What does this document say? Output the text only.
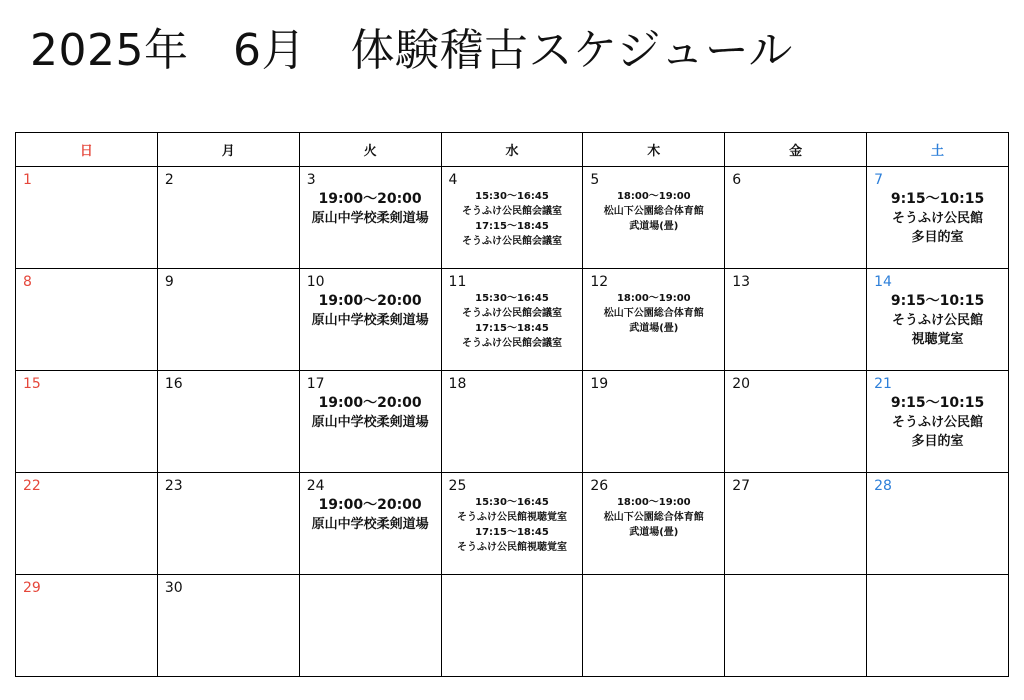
2025年　6月　体験稽古スケジュール
日	月	火	水	木	金	土

1	2	3
19:00〜20:00
原山中学校柔剣道場	4
15:30〜16:45
そうふけ公民館会議室
17:15〜18:45
そうふけ公民館会議室	5
18:00〜19:00
松山下公園総合体育館
武道場(畳)	6	7
9:15〜10:15
そうふけ公民館
多目的室

8	9	10
19:00〜20:00
原山中学校柔剣道場	11
15:30〜16:45
そうふけ公民館会議室
17:15〜18:45
そうふけ公民館会議室	12
18:00〜19:00
松山下公園総合体育館
武道場(畳)	13	14
9:15〜10:15
そうふけ公民館
視聴覚室

15	16	17
19:00〜20:00
原山中学校柔剣道場	18	19	20	21
9:15〜10:15
そうふけ公民館
多目的室

22	23	24
19:00〜20:00
原山中学校柔剣道場	25
15:30〜16:45
そうふけ公民館視聴覚室
17:15〜18:45
そうふけ公民館視聴覚室	26
18:00〜19:00
松山下公園総合体育館
武道場(畳)	27	28

29	30					
